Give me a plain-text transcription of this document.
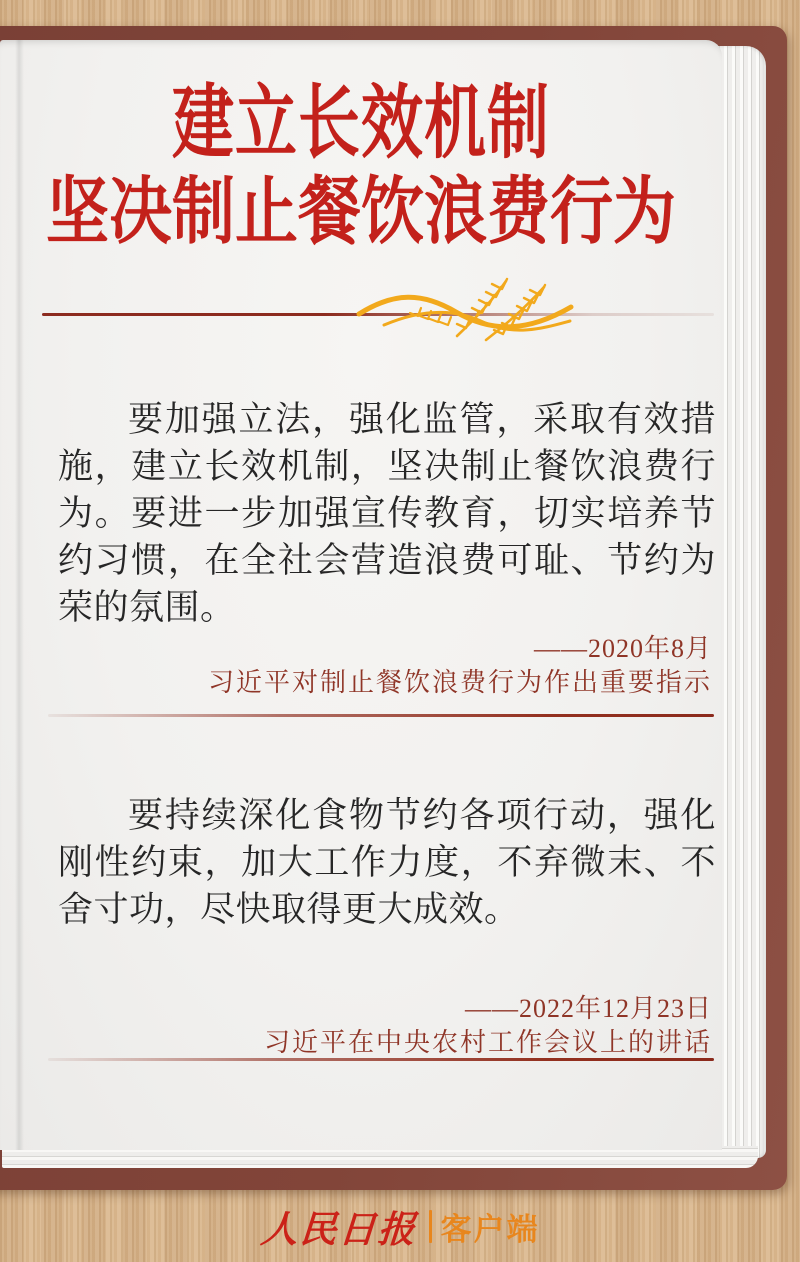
建立长效机制
坚决制止餐饮浪费行为

要加强立法，强化监管，采取有效措施，建立长效机制，坚决制止餐饮浪费行为。要进一步加强宣传教育，切实培养节约习惯，在全社会营造浪费可耻、节约为荣的氛围。

——2020年8月
习近平对制止餐饮浪费行为作出重要指示

要持续深化食物节约各项行动，强化刚性约束，加大工作力度，不弃微末、不舍寸功，尽快取得更大成效。

——2022年12月23日
习近平在中央农村工作会议上的讲话
人民日报 客户端
